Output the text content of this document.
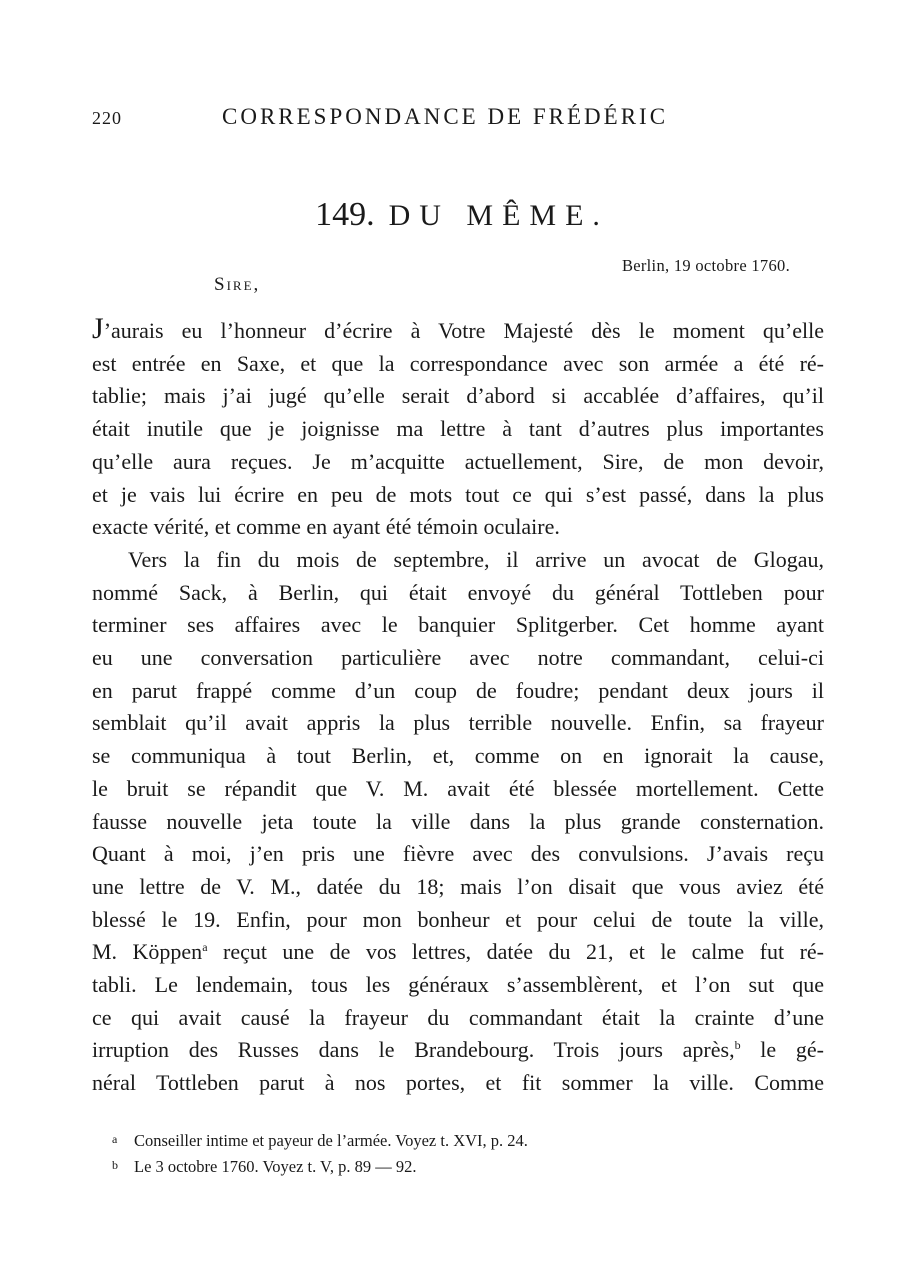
220	CORRESPONDANCE DE FRÉDÉRIC
149. DU MÊME.
Berlin, 19 octobre 1760.
Sire,

J’aurais eu l’honneur d’écrire à Votre Majesté dès le moment qu’elle
est entrée en Saxe, et que la correspondance avec son armée a été ré-
tablie; mais j’ai jugé qu’elle serait d’abord si accablée d’affaires, qu’il
était inutile que je joignisse ma lettre à tant d’autres plus importantes
qu’elle aura reçues. Je m’acquitte actuellement, Sire, de mon devoir,
et je vais lui écrire en peu de mots tout ce qui s’est passé, dans la plus
exacte vérité, et comme en ayant été témoin oculaire.

Vers la fin du mois de septembre, il arrive un avocat de Glogau,
nommé Sack, à Berlin, qui était envoyé du général Tottleben pour
terminer ses affaires avec le banquier Splitgerber. Cet homme ayant
eu une conversation particulière avec notre commandant, celui-ci
en parut frappé comme d’un coup de foudre; pendant deux jours il
semblait qu’il avait appris la plus terrible nouvelle. Enfin, sa frayeur
se communiqua à tout Berlin, et, comme on en ignorait la cause,
le bruit se répandit que V. M. avait été blessée mortellement. Cette
fausse nouvelle jeta toute la ville dans la plus grande consternation.
Quant à moi, j’en pris une fièvre avec des convulsions. J’avais reçu
une lettre de V. M., datée du 18; mais l’on disait que vous aviez été
blessé le 19. Enfin, pour mon bonheur et pour celui de toute la ville,
M. Köppen$^a$ reçut une de vos lettres, datée du 21, et le calme fut ré-
tabli. Le lendemain, tous les généraux s’assemblèrent, et l’on sut que
ce qui avait causé la frayeur du commandant était la crainte d’une
irruption des Russes dans le Brandebourg. Trois jours après,$^b$ le gé-
néral Tottleben parut à nos portes, et fit sommer la ville. Comme

a Conseiller intime et payeur de l’armée. Voyez t. XVI, p. 24.
b Le 3 octobre 1760. Voyez t. V, p. 89 — 92.
